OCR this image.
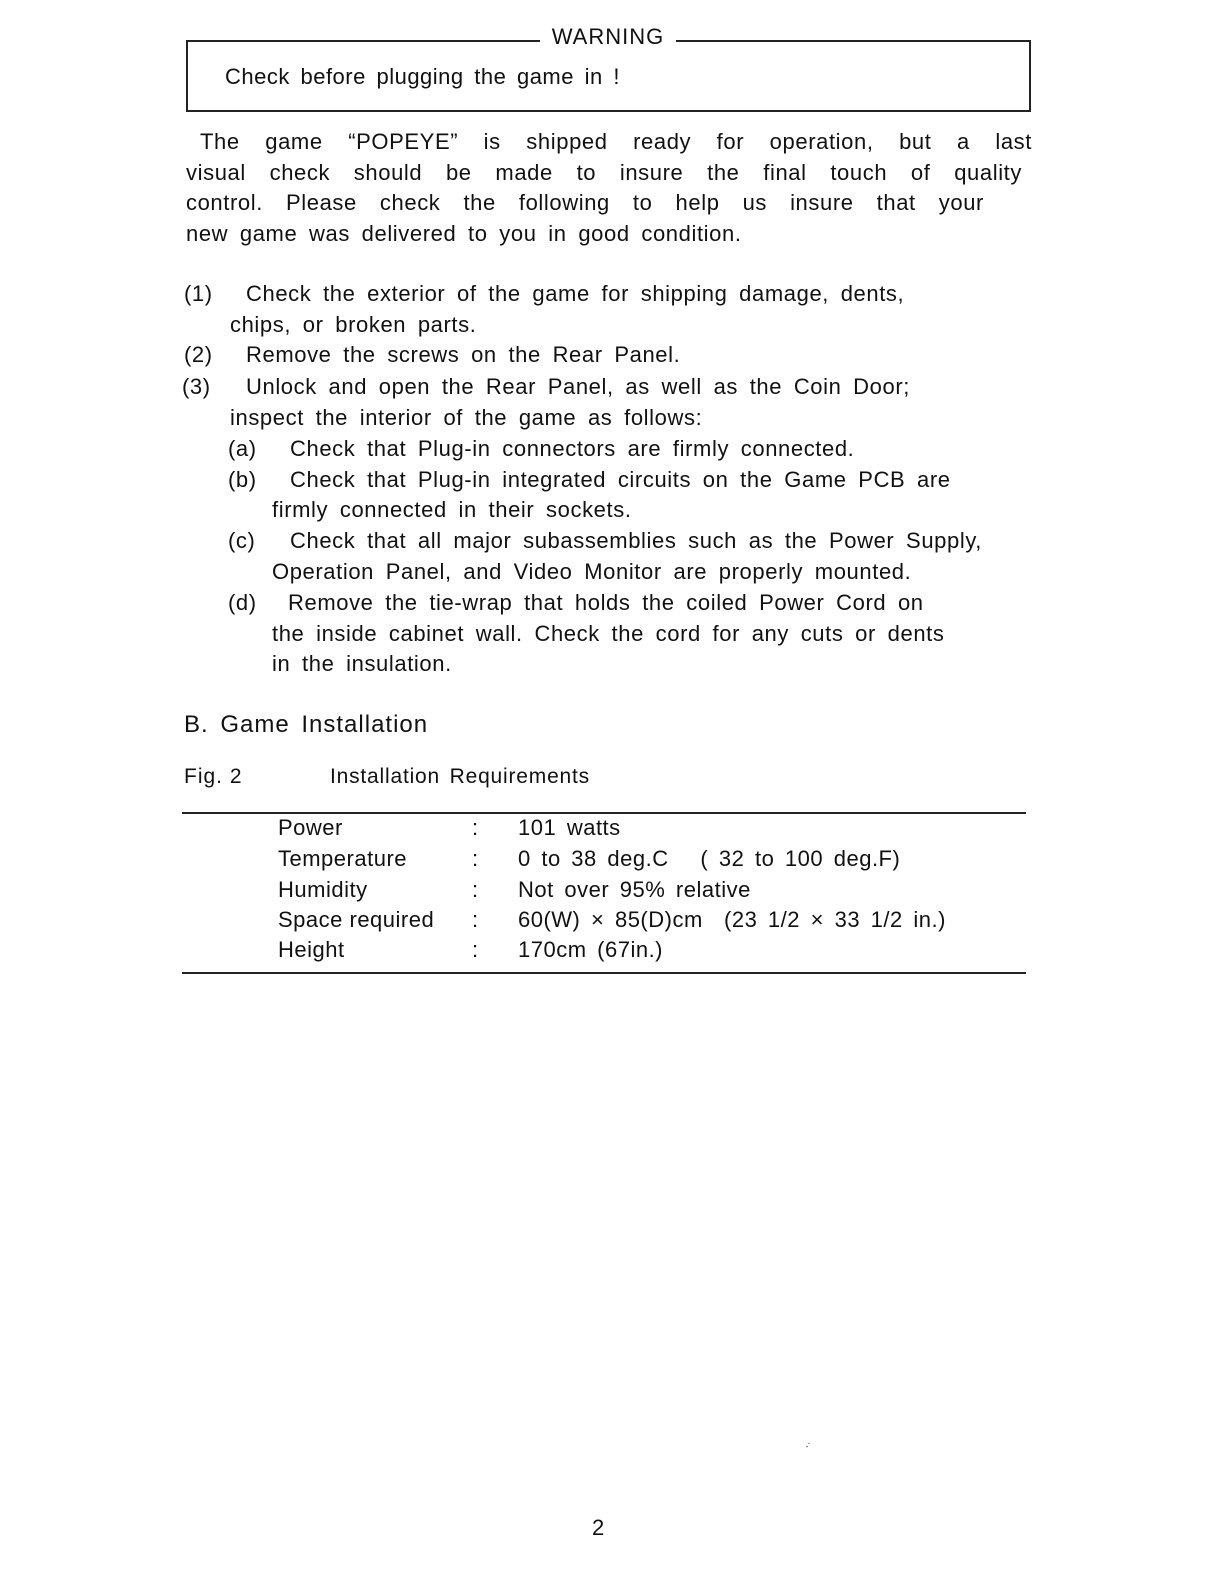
WARNING
Check before plugging the game in !

The game “POPEYE” is shipped ready for operation, but a last

visual check should be made to insure the final touch of quality

control. Please check the following to help us insure that your

new game was delivered to you in good condition.

(1) Check the exterior of the game for shipping damage, dents,
chips, or broken parts.
(2) Remove the screws on the Rear Panel.
(3) Unlock and open the Rear Panel, as well as the Coin Door;
inspect the interior of the game as follows:
(a) Check that Plug-in connectors are firmly connected.
(b) Check that Plug-in integrated circuits on the Game PCB are
firmly connected in their sockets.
(c) Check that all major subassemblies such as the Power Supply,
Operation Panel, and Video Monitor are properly mounted.
(d) Remove the tie-wrap that holds the coiled Power Cord on
the inside cabinet wall. Check the cord for any cuts or dents
in the insulation.
B. Game Installation
Fig. 2	Installation Requirements
Power	: 101 watts
Temperature	: 0 to 38 deg.C   ( 32 to 100 deg.F)
Humidity	: Not over 95% relative
Space required : 60(W) × 85(D)cm  (23 1/2 × 33 1/2 in.)
Height	: 170cm (67in.)
2
